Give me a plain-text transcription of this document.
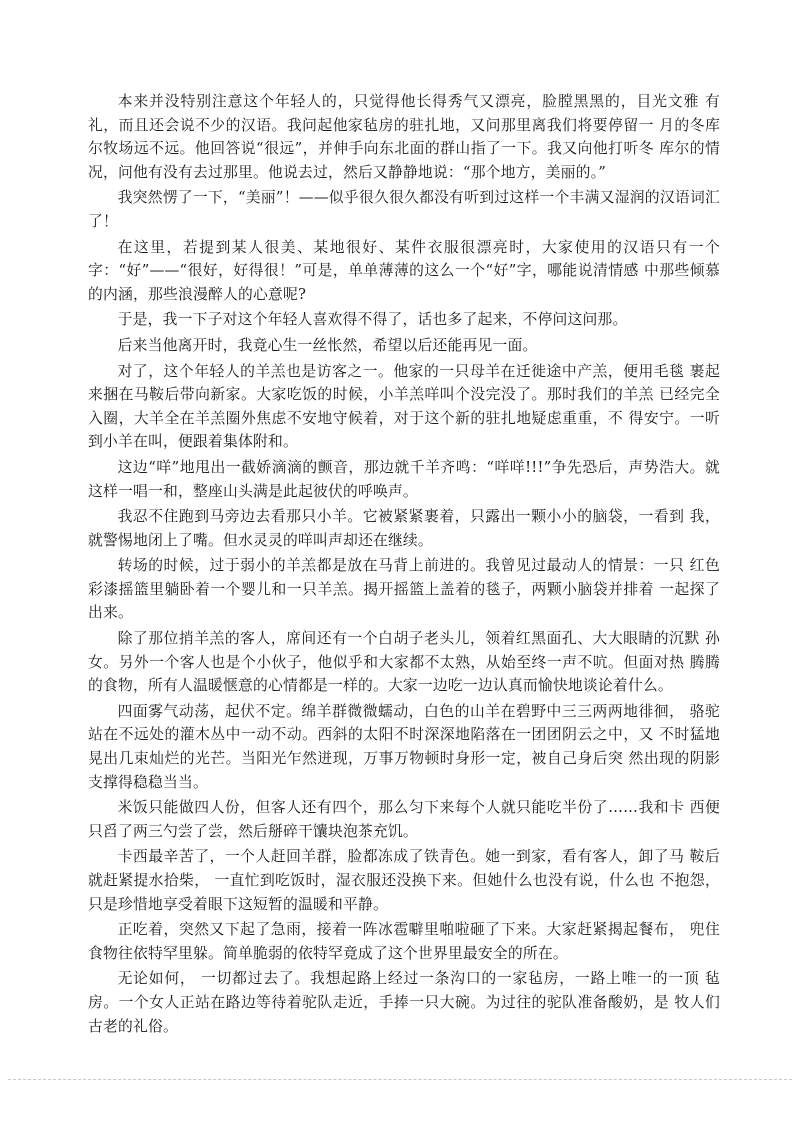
本来并没特别注意这个年轻人的，只觉得他长得秀气又漂亮，脸膛黑黑的，目光文雅 有礼，而且还会说不少的汉语。我问起他家毡房的驻扎地，又问那里离我们将要停留一 月的冬库尔牧场远不远。他回答说“很远”，并伸手向东北面的群山指了一下。我又向他打听冬 库尔的情况，问他有没有去过那里。他说去过，然后又静静地说：“那个地方，美丽的。”

我突然愣了一下，“美丽”！——似乎很久很久都没有听到过这样一个丰满又湿润的汉语词汇了！

在这里，若提到某人很美、某地很好、某件衣服很漂亮时，大家使用的汉语只有一个 字：“好”——“很好，好得很！”可是，单单薄薄的这么一个“好”字，哪能说清情感 中那些倾慕的内涵，那些浪漫醉人的心意呢?

于是，我一下子对这个年轻人喜欢得不得了，话也多了起来，不停问这问那。

后来当他离开时，我竟心生一丝怅然，希望以后还能再见一面。

对了，这个年轻人的羊羔也是访客之一。他家的一只母羊在迁徙途中产羔，便用毛毯 裹起来捆在马鞍后带向新家。大家吃饭的时候，小羊羔咩叫个没完没了。那时我们的羊羔 已经完全入圈，大羊全在羊羔圈外焦虑不安地守候着，对于这个新的驻扎地疑虑重重，不 得安宁。一听到小羊在叫，便跟着集体附和。

这边“咩”地甩出一截娇滴滴的颤音，那边就千羊齐鸣：“咩咩!!!”争先恐后，声势浩大。就这样一唱一和，整座山头满是此起彼伏的呼唤声。

我忍不住跑到马旁边去看那只小羊。它被紧紧裹着，只露出一颗小小的脑袋，一看到 我，就警惕地闭上了嘴。但水灵灵的咩叫声却还在继续。

转场的时候，过于弱小的羊羔都是放在马背上前进的。我曾见过最动人的情景：一只 红色彩漆摇篮里躺卧着一个婴儿和一只羊羔。揭开摇篮上盖着的毯子，两颗小脑袋并排着 一起探了出来。

除了那位捎羊羔的客人，席间还有一个白胡子老头儿，领着红黑面孔、大大眼睛的沉默 孙女。另外一个客人也是个小伙子，他似乎和大家都不太熟，从始至终一声不吭。但面对热 腾腾的食物，所有人温暖惬意的心情都是一样的。大家一边吃一边认真而愉快地谈论着什么。

四面雾气动荡，起伏不定。绵羊群微微蠕动，白色的山羊在碧野中三三两两地徘徊， 骆驼站在不远处的灌木丛中一动不动。西斜的太阳不时深深地陷落在一团团阴云之中，又 不时猛地晃出几束灿烂的光芒。当阳光乍然迸现，万事万物顿时身形一定，被自己身后突 然出现的阴影支撑得稳稳当当。

米饭只能做四人份，但客人还有四个，那么匀下来每个人就只能吃半份了……我和卡 西便只舀了两三勺尝了尝，然后掰碎干馕块泡茶充饥。

卡西最辛苦了，一个人赶回羊群，脸都冻成了铁青色。她一到家，看有客人，卸了马 鞍后就赶紧提水拾柴， 一直忙到吃饭时，湿衣服还没换下来。但她什么也没有说，什么也 不抱怨，只是珍惜地享受着眼下这短暂的温暖和平静。

正吃着，突然又下起了急雨，接着一阵冰雹噼里啪啦砸了下来。大家赶紧揭起餐布， 兜住食物往依特罕里躲。简单脆弱的依特罕竟成了这个世界里最安全的所在。

无论如何， 一切都过去了。我想起路上经过一条沟口的一家毡房，一路上唯一的一顶 毡房。一个女人正站在路边等待着驼队走近，手捧一只大碗。为过往的驼队准备酸奶，是 牧人们古老的礼俗。
